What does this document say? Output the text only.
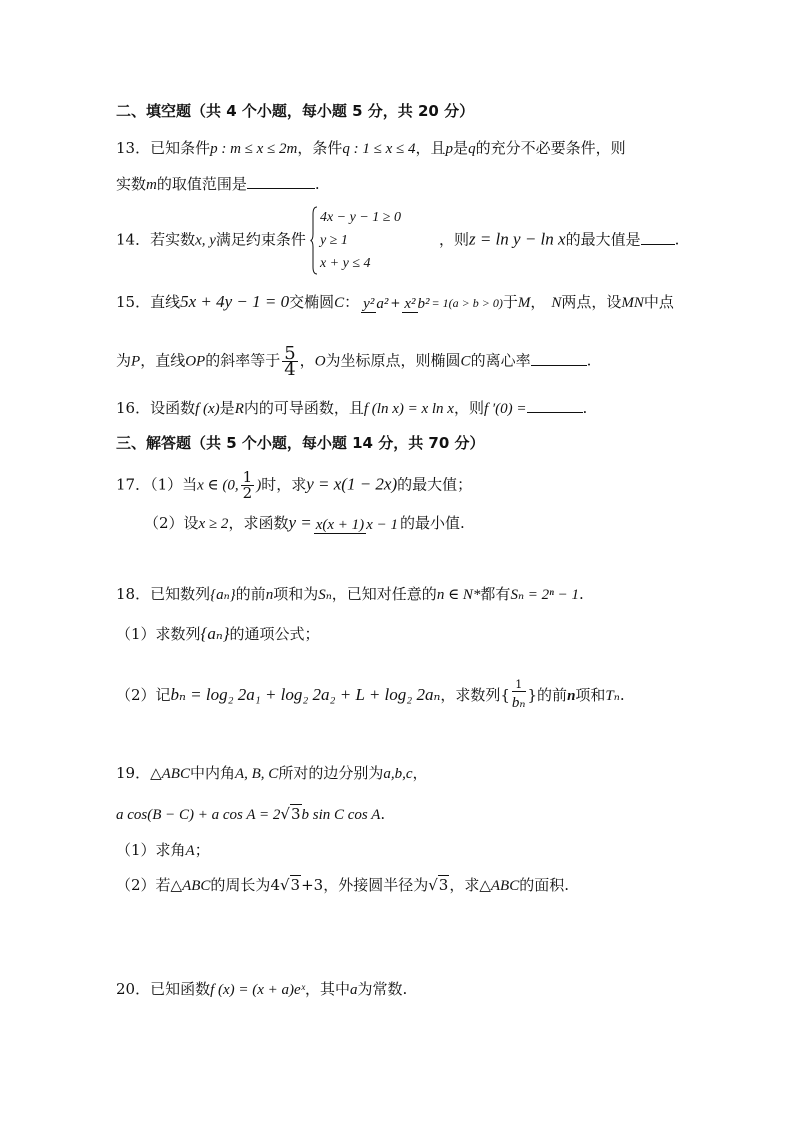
二、填空题（共 4 个小题，每小题 5 分，共 20 分）
13．已知条件p : m ≤ x ≤ 2m，条件q : 1 ≤ x ≤ 4，且p是q的充分不必要条件，则
实数m的取值范围是	.
14．若实数x, y满足约束条件
4x − y − 1 ≥ 0
y ≥ 1
x + y ≤ 4
，则z = ln y − ln x的最大值是 .
15．直线5x + 4y − 1 = 0交椭圆C： y² a² + x² b² = 1(a > b > 0)于M， N两点，设MN中点
为P，直线OP的斜率等于 $\frac{5}{4}$ ，O为坐标原点，则椭圆C的离心率	.
16．设函数f (x)是R内的可导函数，且f (ln x) = x ln x，则f ′(0) =	.
三、解答题（共 5 个小题，每小题 14 分，共 70 分）
17．（1）当x ∈ (0, $\frac{1}{2}$ )时，求y = x(1 − 2x)的最大值；
（2）设x ≥ 2，求函数y = x(x + 1) x − 1 的最小值.
18．已知数列{aₙ}的前n项和为Sₙ，已知对任意的n ∈ N*都有Sₙ = 2ⁿ − 1.
（1）求数列{aₙ}的通项公式；
（2）记bₙ = log₂ 2a₁ + log₂ 2a₂ + L + log₂ 2aₙ，求数列{ $\frac{1}{\text{bₙ}}$ }的前n项和Tₙ.
19．△ABC中内角A, B, C所对的边分别为a,b,c，
a cos(B − C) + a cos A = 2√3b sin C cos A.
（1）求角A；
（2）若△ABC的周长为4√3+3，外接圆半径为√3，求△ABC的面积.
20．已知函数f (x) = (x + a)eˣ，其中a为常数.
